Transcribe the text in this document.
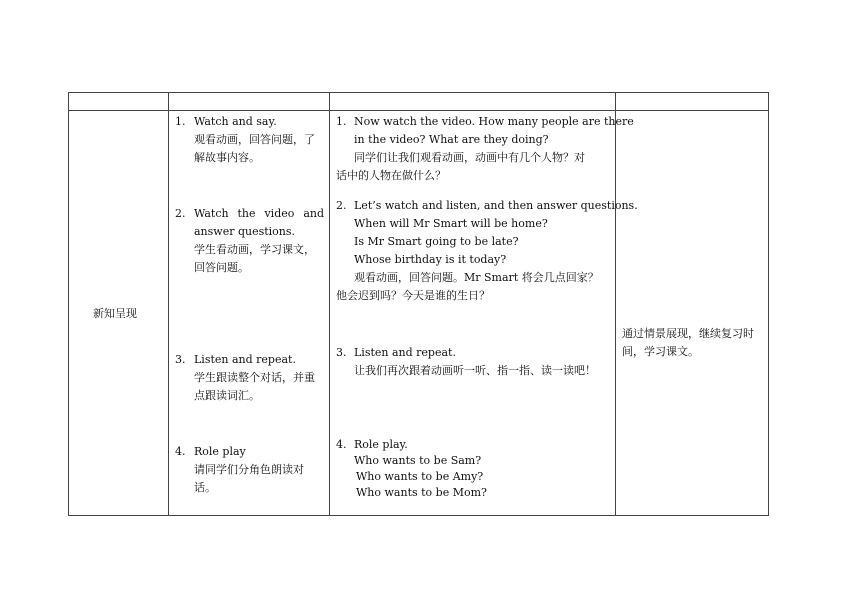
新知呈现
1. Watch and say.
观看动画，回答问题，了
解故事内容。
2. Watch the video and
answer questions.
学生看动画，学习课文，
回答问题。
3. Listen and repeat.
学生跟读整个对话，并重
点跟读词汇。
4. Role play
请同学们分角色朗读对
话。
1. Now watch the video. How many people are there
in the video? What are they doing?
同学们让我们观看动画，动画中有几个人物？对
话中的人物在做什么？
2. Let’s watch and listen, and then answer questions.
When will Mr Smart will be home?
Is Mr Smart going to be late?
Whose birthday is it today?
观看动画，回答问题。Mr Smart 将会几点回家？
他会迟到吗？今天是谁的生日？
3. Listen and repeat.
让我们再次跟着动画听一听、指一指、读一读吧！
4. Role play.
Who wants to be Sam?
Who wants to be Amy?
Who wants to be Mom?
通过情景展现，继续复习时
间，学习课文。
